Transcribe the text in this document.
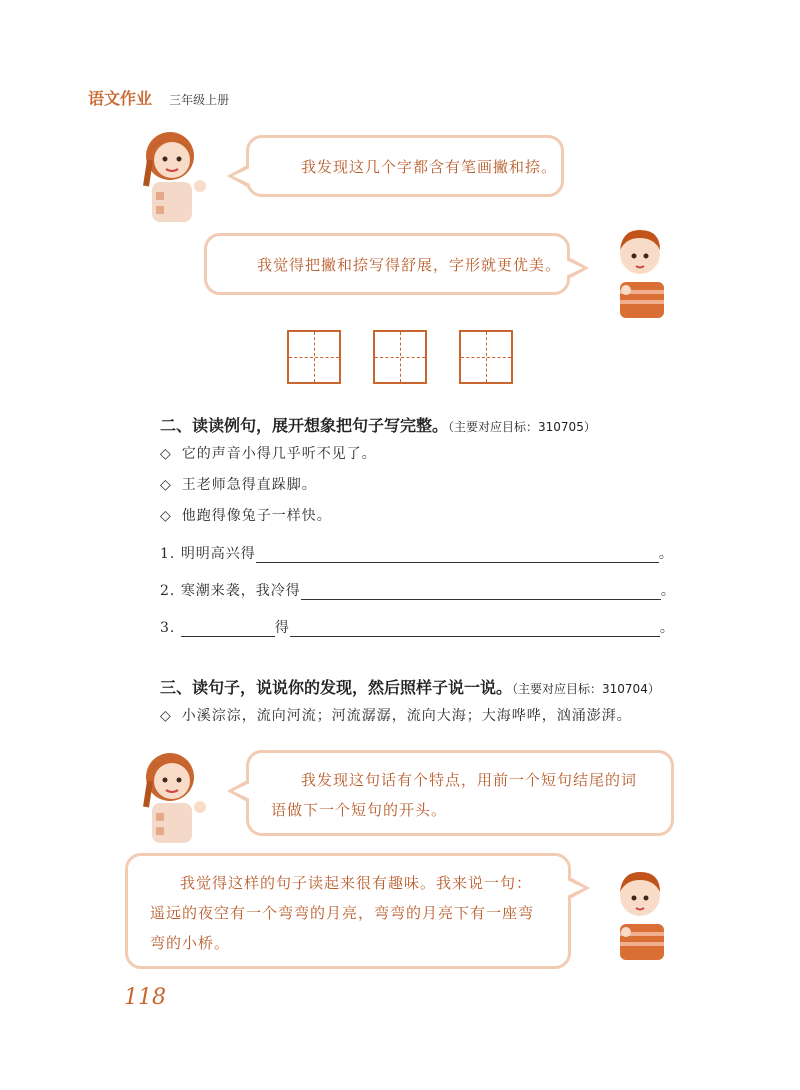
语文作业 三年级上册
我发现这几个字都含有笔画撇和捺。
我觉得把撇和捺写得舒展，字形就更优美。
二、读读例句，展开想象把句子写完整。（主要对应目标：310705）
◇ 它的声音小得几乎听不见了。
◇ 王老师急得直跺脚。
◇ 他跑得像兔子一样快。
1. 明明高兴得	。
2. 寒潮来袭，我冷得	。
3.	得	。
三、读句子，说说你的发现，然后照样子说一说。（主要对应目标：310704）
◇ 小溪淙淙，流向河流；河流潺潺，流向大海；大海哗哗，汹涌澎湃。
我发现这句话有个特点，用前一个短句结尾的词语做下一个短句的开头。
我觉得这样的句子读起来很有趣味。我来说一句：遥远的夜空有一个弯弯的月亮，弯弯的月亮下有一座弯弯的小桥。
118
